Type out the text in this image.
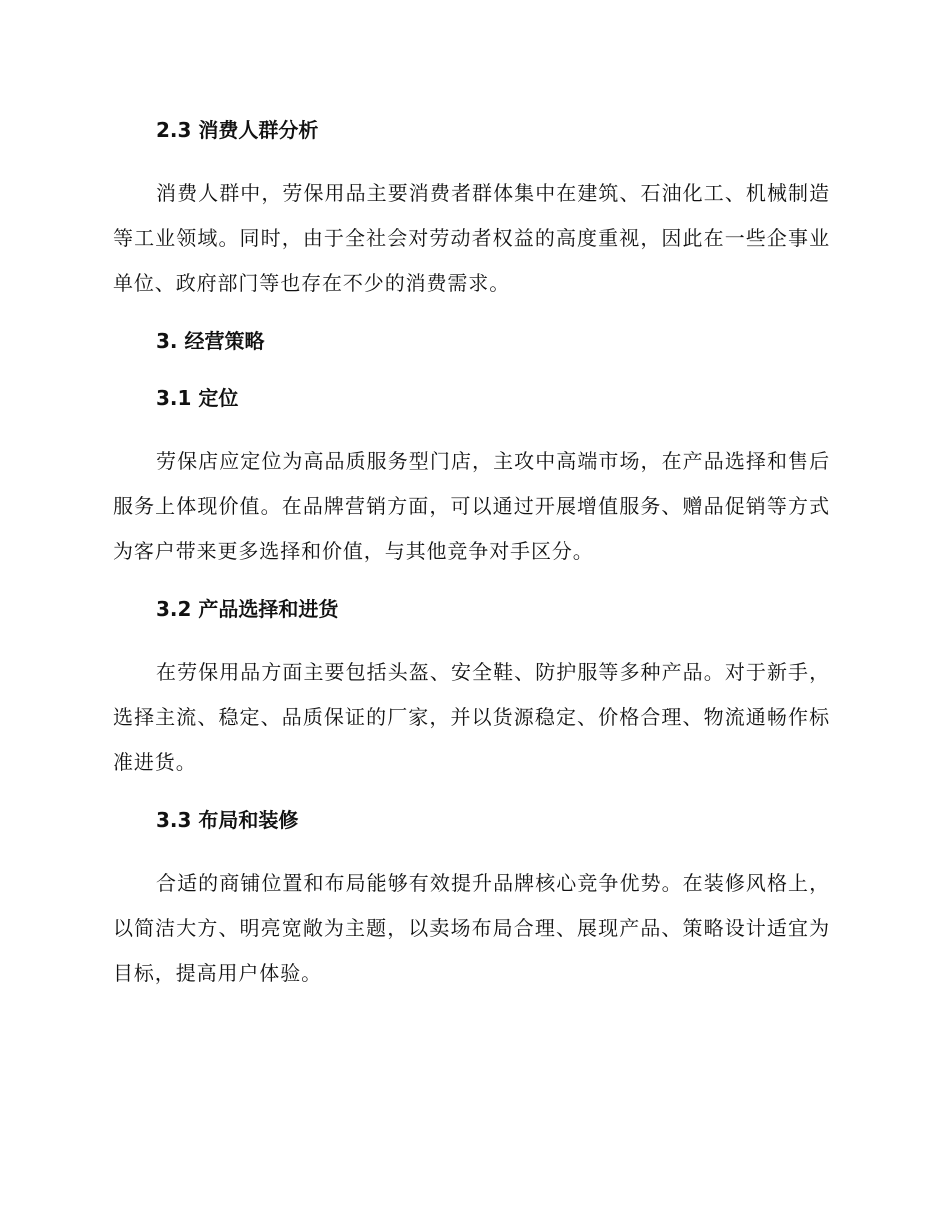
2.3 消费人群分析

消费人群中，劳保用品主要消费者群体集中在建筑、石油化工、机械制造等工业领域。同时，由于全社会对劳动者权益的高度重视，因此在一些企事业单位、政府部门等也存在不少的消费需求。

3. 经营策略
3.1 定位

劳保店应定位为高品质服务型门店，主攻中高端市场，在产品选择和售后服务上体现价值。在品牌营销方面，可以通过开展增值服务、赠品促销等方式为客户带来更多选择和价值，与其他竞争对手区分。

3.2 产品选择和进货

在劳保用品方面主要包括头盔、安全鞋、防护服等多种产品。对于新手，选择主流、稳定、品质保证的厂家，并以货源稳定、价格合理、物流通畅作标准进货。

3.3 布局和装修

合适的商铺位置和布局能够有效提升品牌核心竞争优势。在装修风格上，以简洁大方、明亮宽敞为主题，以卖场布局合理、展现产品、策略设计适宜为目标，提高用户体验。
